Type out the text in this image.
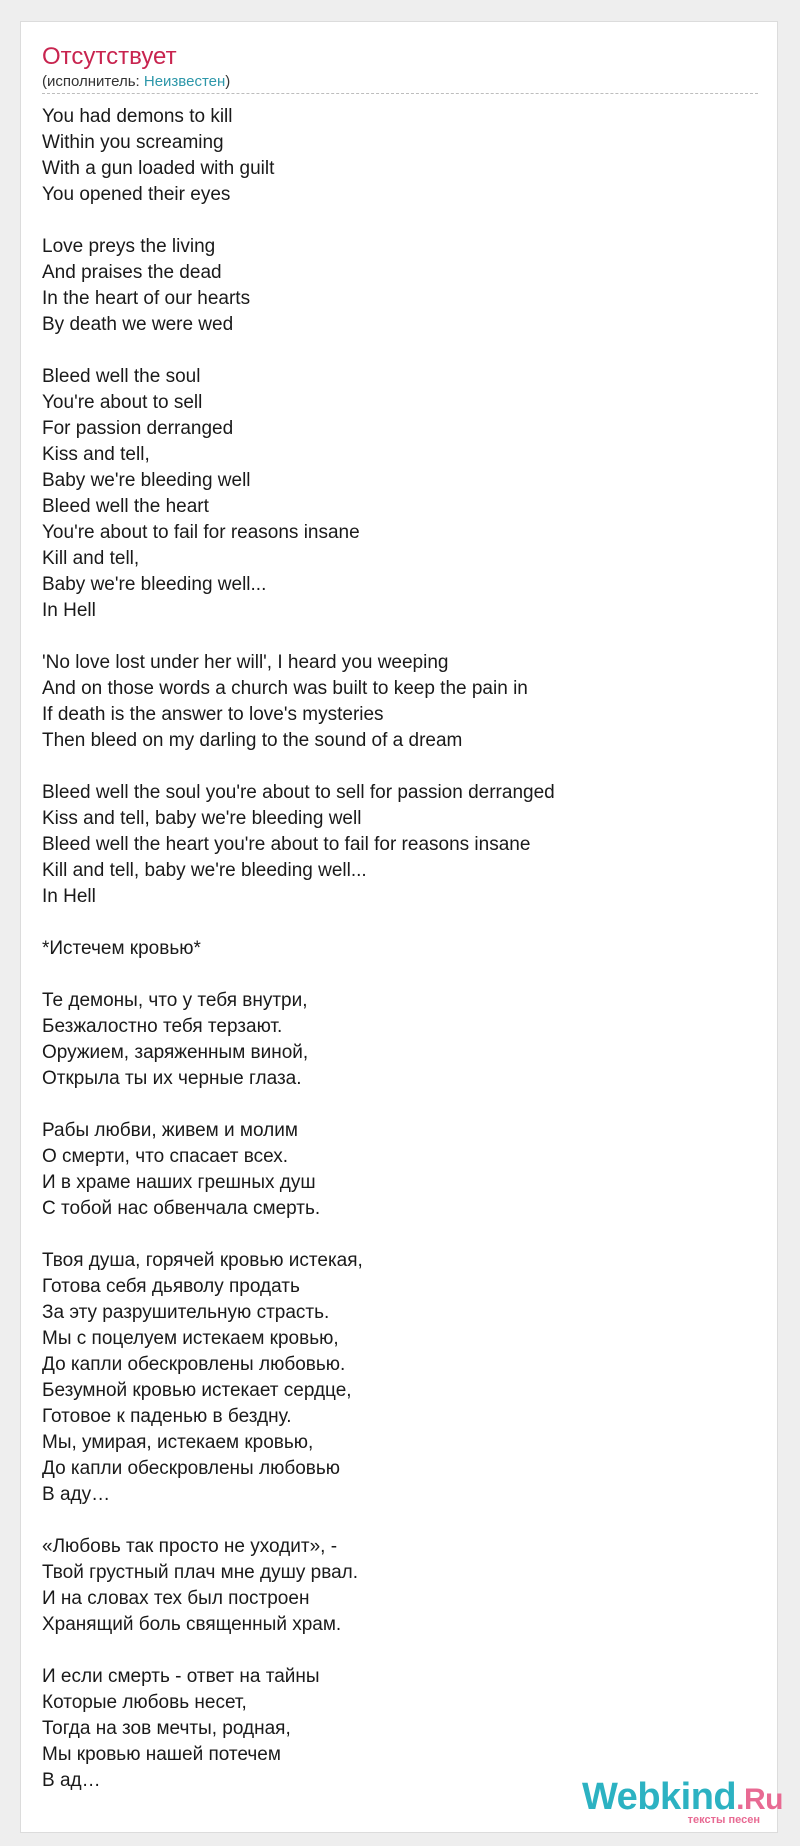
Отсутствует
(исполнитель: Неизвестен)
You had demons to kill
Within you screaming
With a gun loaded with guilt
You opened their eyes
Love preys the living
And praises the dead
In the heart of our hearts
By death we were wed
Bleed well the soul
You're about to sell
For passion derranged
Kiss and tell,
Baby we're bleeding well
Bleed well the heart
You're about to fail for reasons insane
Kill and tell,
Baby we're bleeding well...
In Hell
'No love lost under her will', I heard you weeping
And on those words a church was built to keep the pain in
If death is the answer to love's mysteries
Then bleed on my darling to the sound of a dream
Bleed well the soul you're about to sell for passion derranged
Kiss and tell, baby we're bleeding well
Bleed well the heart you're about to fail for reasons insane
Kill and tell, baby we're bleeding well...
In Hell
*Истечем кровью*
Те демоны, что у тебя внутри,
Безжалостно тебя терзают.
Оружием, заряженным виной,
Открыла ты их черные глаза.
Рабы любви, живем и молим
О смерти, что спасает всех.
И в храме наших грешных душ
С тобой нас обвенчала смерть.
Твоя душа, горячей кровью истекая,
Готова себя дьяволу продать
За эту разрушительную страсть.
Мы с поцелуем истекаем кровью,
До капли обескровлены любовью.
Безумной кровью истекает сердце,
Готовое к паденью в бездну.
Мы, умирая, истекаем кровью,
До капли обескровлены любовью
В аду…
«Любовь так просто не уходит», -
Твой грустный плач мне душу рвал.
И на словах тех был построен
Хранящий боль священный храм.
И если смерть - ответ на тайны
Которые любовь несет,
Тогда на зов мечты, родная,
Мы кровью нашей потечем
В ад…	Webkind.Ru
тексты песен
